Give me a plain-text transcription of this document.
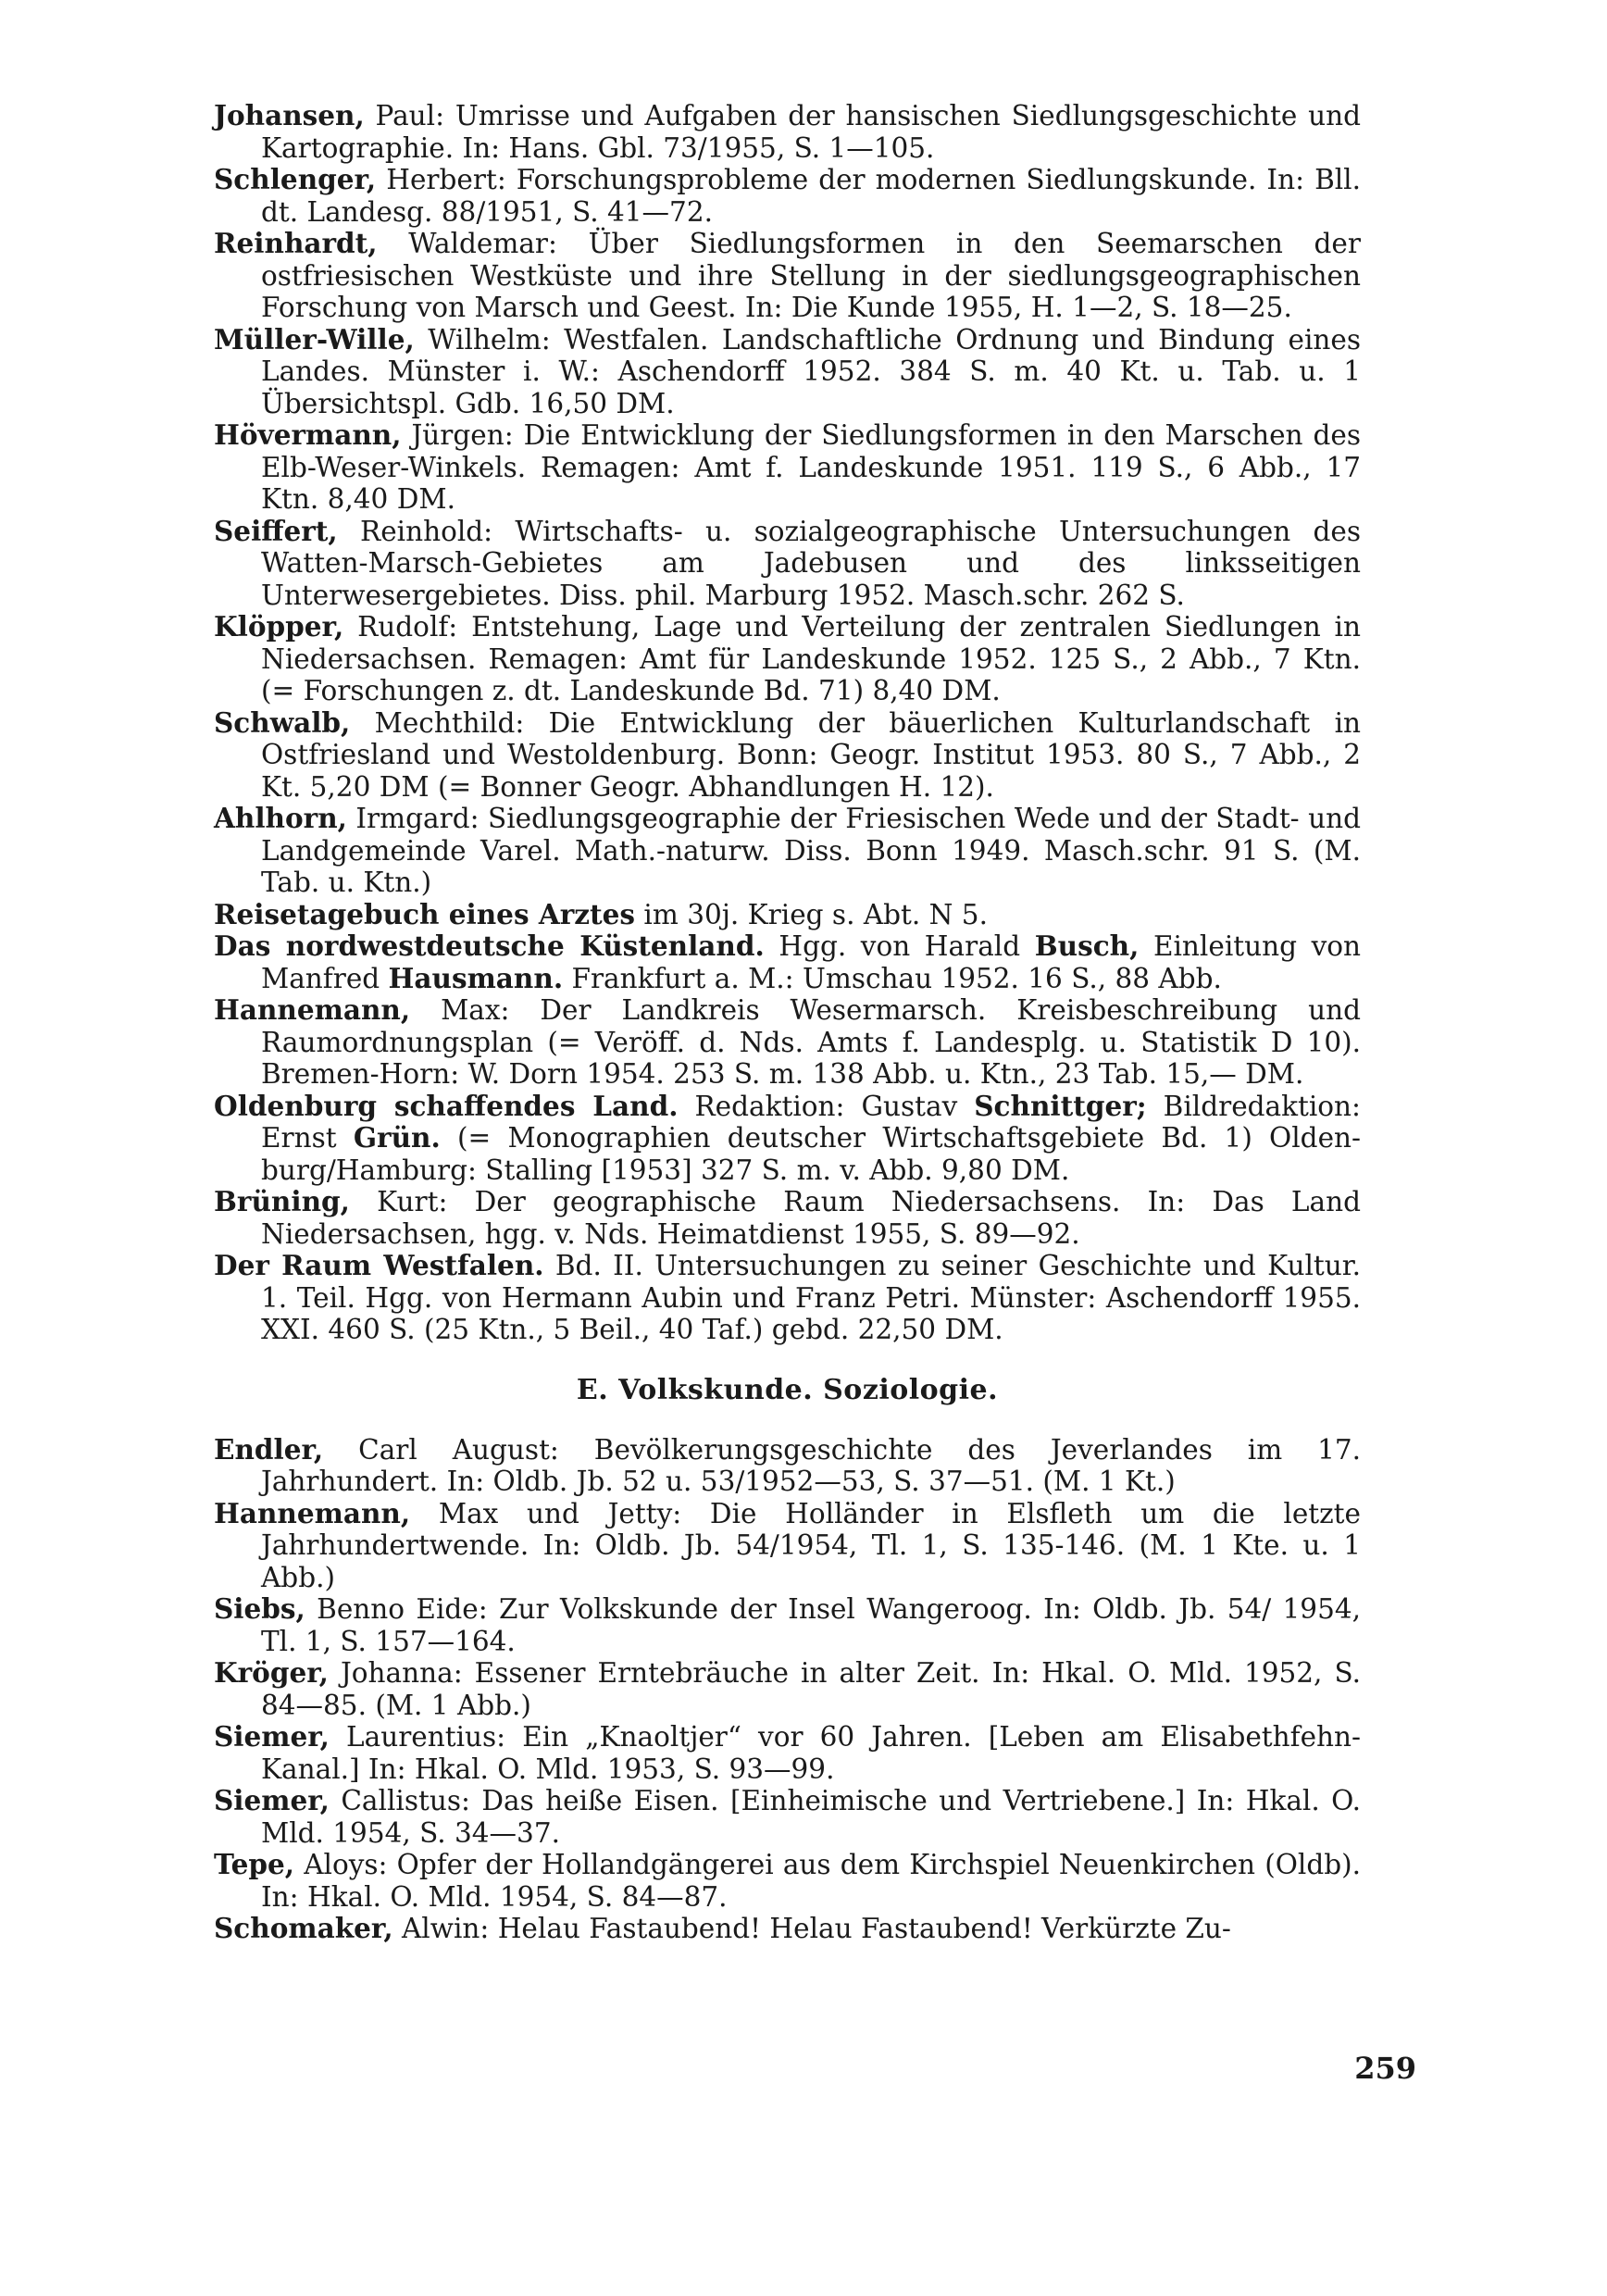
Johansen, Paul: Umrisse und Aufgaben der hansischen Siedlungsgeschichte und Kartographie. In: Hans. Gbl. 73/1955, S. 1—105.

Schlenger, Herbert: Forschungsprobleme der modernen Siedlungskunde. In: Bll. dt. Landesg. 88/1951, S. 41—72.

Reinhardt, Waldemar: Über Siedlungsformen in den Seemarschen der ostfriesischen Westküste und ihre Stellung in der siedlungsgeographischen Forschung von Marsch und Geest. In: Die Kunde 1955, H. 1—2, S. 18—25.

Müller-Wille, Wilhelm: Westfalen. Landschaftliche Ordnung und Bindung eines Landes. Münster i. W.: Aschendorff 1952. 384 S. m. 40 Kt. u. Tab. u. 1 Übersichtspl. Gdb. 16,50 DM.

Hövermann, Jürgen: Die Entwicklung der Siedlungsformen in den Marschen des Elb-Weser-Winkels. Remagen: Amt f. Landeskunde 1951. 119 S., 6 Abb., 17 Ktn. 8,40 DM.

Seiffert, Reinhold: Wirtschafts- u. sozialgeographische Untersuchungen des Watten-Marsch-Gebietes am Jadebusen und des linksseitigen Unterwesergebietes. Diss. phil. Marburg 1952. Masch.schr. 262 S.

Klöpper, Rudolf: Entstehung, Lage und Verteilung der zentralen Siedlungen in Niedersachsen. Remagen: Amt für Landeskunde 1952. 125 S., 2 Abb., 7 Ktn. (= Forschungen z. dt. Landeskunde Bd. 71) 8,40 DM.

Schwalb, Mechthild: Die Entwicklung der bäuerlichen Kulturlandschaft in Ostfriesland und Westoldenburg. Bonn: Geogr. Institut 1953. 80 S., 7 Abb., 2 Kt. 5,20 DM (= Bonner Geogr. Abhandlungen H. 12).

Ahlhorn, Irmgard: Siedlungsgeographie der Friesischen Wede und der Stadt- und Landgemeinde Varel. Math.-naturw. Diss. Bonn 1949. Masch.schr. 91 S. (M. Tab. u. Ktn.)

Reisetagebuch eines Arztes im 30j. Krieg s. Abt. N 5.

Das nordwestdeutsche Küstenland. Hgg. von Harald Busch, Einleitung von Manfred Hausmann. Frankfurt a. M.: Umschau 1952. 16 S., 88 Abb.

Hannemann, Max: Der Landkreis Wesermarsch. Kreisbeschreibung und Raumordnungsplan (= Veröff. d. Nds. Amts f. Landesplg. u. Statistik D 10). Bremen-Horn: W. Dorn 1954. 253 S. m. 138 Abb. u. Ktn., 23 Tab. 15,— DM.

Oldenburg schaffendes Land. Redaktion: Gustav Schnittger; Bildredaktion: Ernst Grün. (= Monographien deutscher Wirtschaftsgebiete Bd. 1) Oldenburg/Hamburg: Stalling [1953] 327 S. m. v. Abb. 9,80 DM.

Brüning, Kurt: Der geographische Raum Niedersachsens. In: Das Land Niedersachsen, hgg. v. Nds. Heimatdienst 1955, S. 89—92.

Der Raum Westfalen. Bd. II. Untersuchungen zu seiner Geschichte und Kultur. 1. Teil. Hgg. von Hermann Aubin und Franz Petri. Münster: Aschendorff 1955. XXI. 460 S. (25 Ktn., 5 Beil., 40 Taf.) gebd. 22,50 DM.

E. Volkskunde. Soziologie.

Endler, Carl August: Bevölkerungsgeschichte des Jeverlandes im 17. Jahrhundert. In: Oldb. Jb. 52 u. 53/1952—53, S. 37—51. (M. 1 Kt.)

Hannemann, Max und Jetty: Die Holländer in Elsfleth um die letzte Jahrhundertwende. In: Oldb. Jb. 54/1954, Tl. 1, S. 135-146. (M. 1 Kte. u. 1 Abb.)

Siebs, Benno Eide: Zur Volkskunde der Insel Wangeroog. In: Oldb. Jb. 54/ 1954, Tl. 1, S. 157—164.

Kröger, Johanna: Essener Erntebräuche in alter Zeit. In: Hkal. O. Mld. 1952, S. 84—85. (M. 1 Abb.)

Siemer, Laurentius: Ein „Knaoltjer“ vor 60 Jahren. [Leben am Elisabethfehn-Kanal.] In: Hkal. O. Mld. 1953, S. 93—99.

Siemer, Callistus: Das heiße Eisen. [Einheimische und Vertriebene.] In: Hkal. O. Mld. 1954, S. 34—37.

Tepe, Aloys: Opfer der Hollandgängerei aus dem Kirchspiel Neuenkirchen (Oldb). In: Hkal. O. Mld. 1954, S. 84—87.

Schomaker, Alwin: Helau Fastaubend! Helau Fastaubend! Verkürzte Zu-

259
